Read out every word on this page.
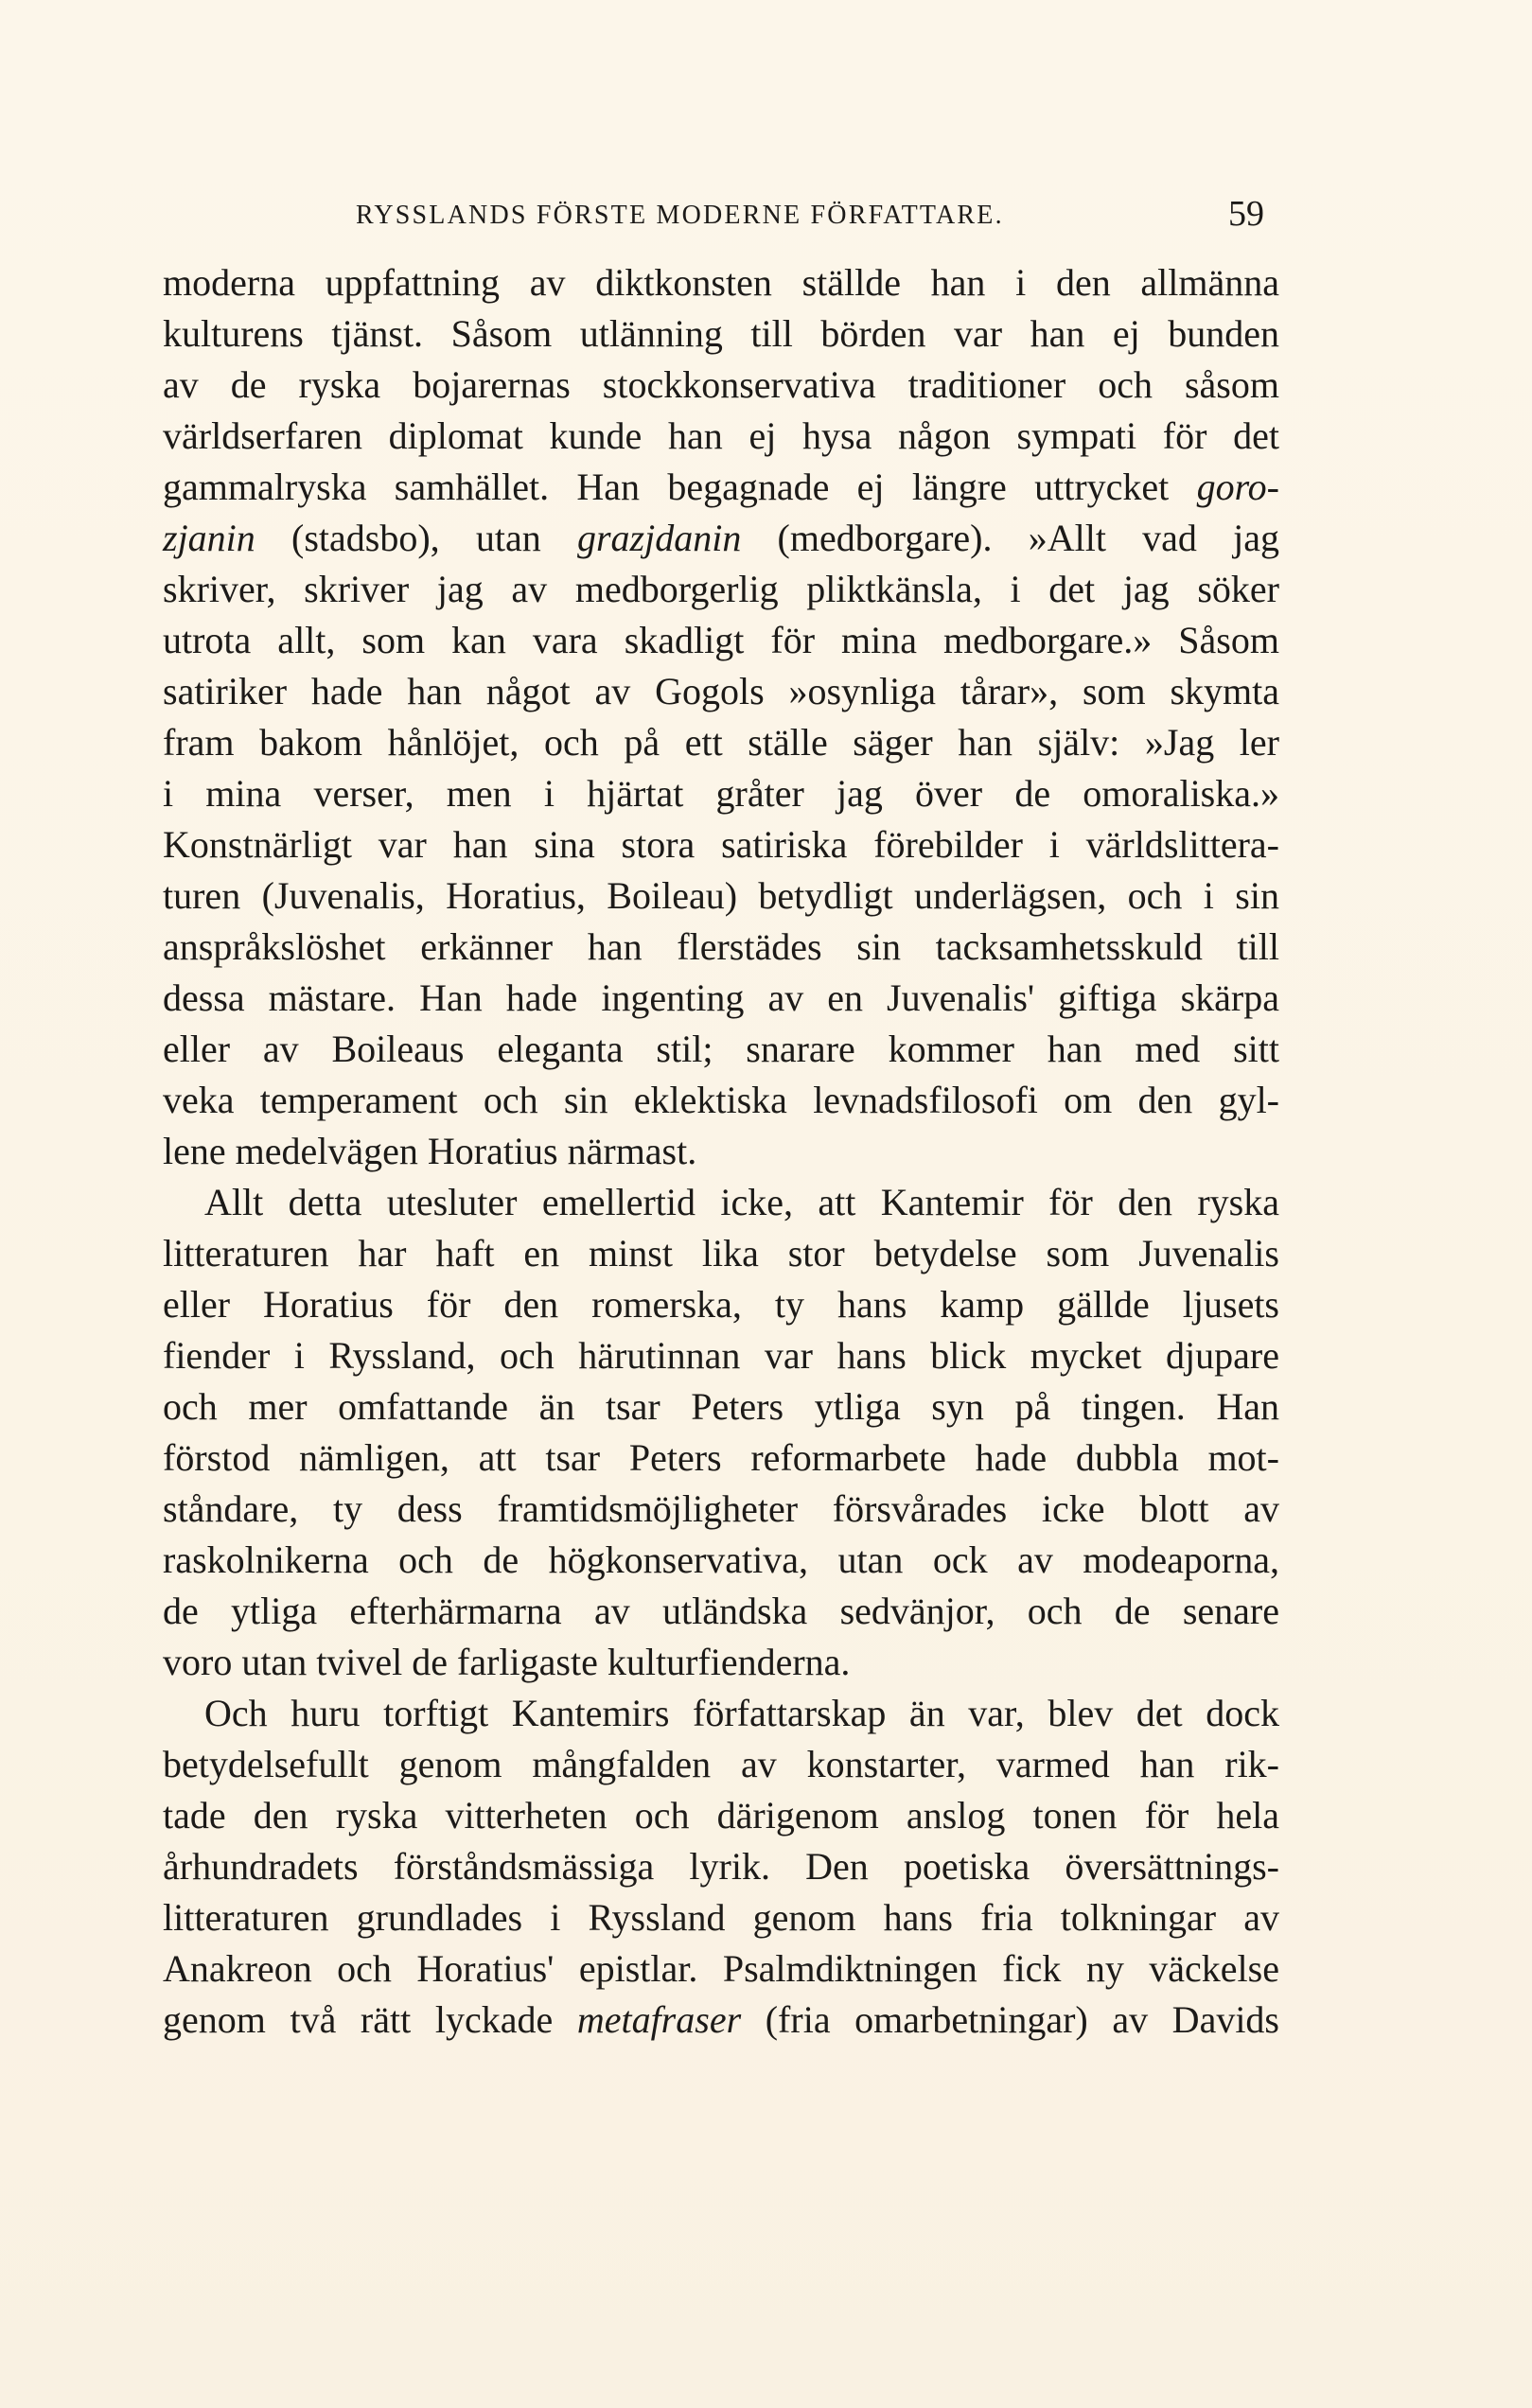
RYSSLANDS FÖRSTE MODERNE FÖRFATTARE.	59
moderna uppfattning av diktkonsten ställde han i den allmänna
kulturens tjänst. Såsom utlänning till börden var han ej bunden
av de ryska bojarernas stockkonservativa traditioner och såsom
världserfaren diplomat kunde han ej hysa någon sympati för det
gammalryska samhället. Han begagnade ej längre uttrycket goro-
zjanin (stadsbo), utan grazjdanin (medborgare). »Allt vad jag
skriver, skriver jag av medborgerlig pliktkänsla, i det jag söker
utrota allt, som kan vara skadligt för mina medborgare.» Såsom
satiriker hade han något av Gogols »osynliga tårar», som skymta
fram bakom hånlöjet, och på ett ställe säger han själv: »Jag ler
i mina verser, men i hjärtat gråter jag över de omoraliska.»
Konstnärligt var han sina stora satiriska förebilder i världslittera-
turen (Juvenalis, Horatius, Boileau) betydligt underlägsen, och i sin
anspråkslöshet erkänner han flerstädes sin tacksamhetsskuld till
dessa mästare. Han hade ingenting av en Juvenalis' giftiga skärpa
eller av Boileaus eleganta stil; snarare kommer han med sitt
veka temperament och sin eklektiska levnadsfilosofi om den gyl-
lene medelvägen Horatius närmast.
Allt detta utesluter emellertid icke, att Kantemir för den ryska
litteraturen har haft en minst lika stor betydelse som Juvenalis
eller Horatius för den romerska, ty hans kamp gällde ljusets
fiender i Ryssland, och härutinnan var hans blick mycket djupare
och mer omfattande än tsar Peters ytliga syn på tingen. Han
förstod nämligen, att tsar Peters reformarbete hade dubbla mot-
ståndare, ty dess framtidsmöjligheter försvårades icke blott av
raskolnikerna och de högkonservativa, utan ock av modeaporna,
de ytliga efterhärmarna av utländska sedvänjor, och de senare
voro utan tvivel de farligaste kulturfienderna.
Och huru torftigt Kantemirs författarskap än var, blev det dock
betydelsefullt genom mångfalden av konstarter, varmed han rik-
tade den ryska vitterheten och därigenom anslog tonen för hela
århundradets förståndsmässiga lyrik. Den poetiska översättnings-
litteraturen grundlades i Ryssland genom hans fria tolkningar av
Anakreon och Horatius' epistlar. Psalmdiktningen fick ny väckelse
genom två rätt lyckade metafraser (fria omarbetningar) av Davids
